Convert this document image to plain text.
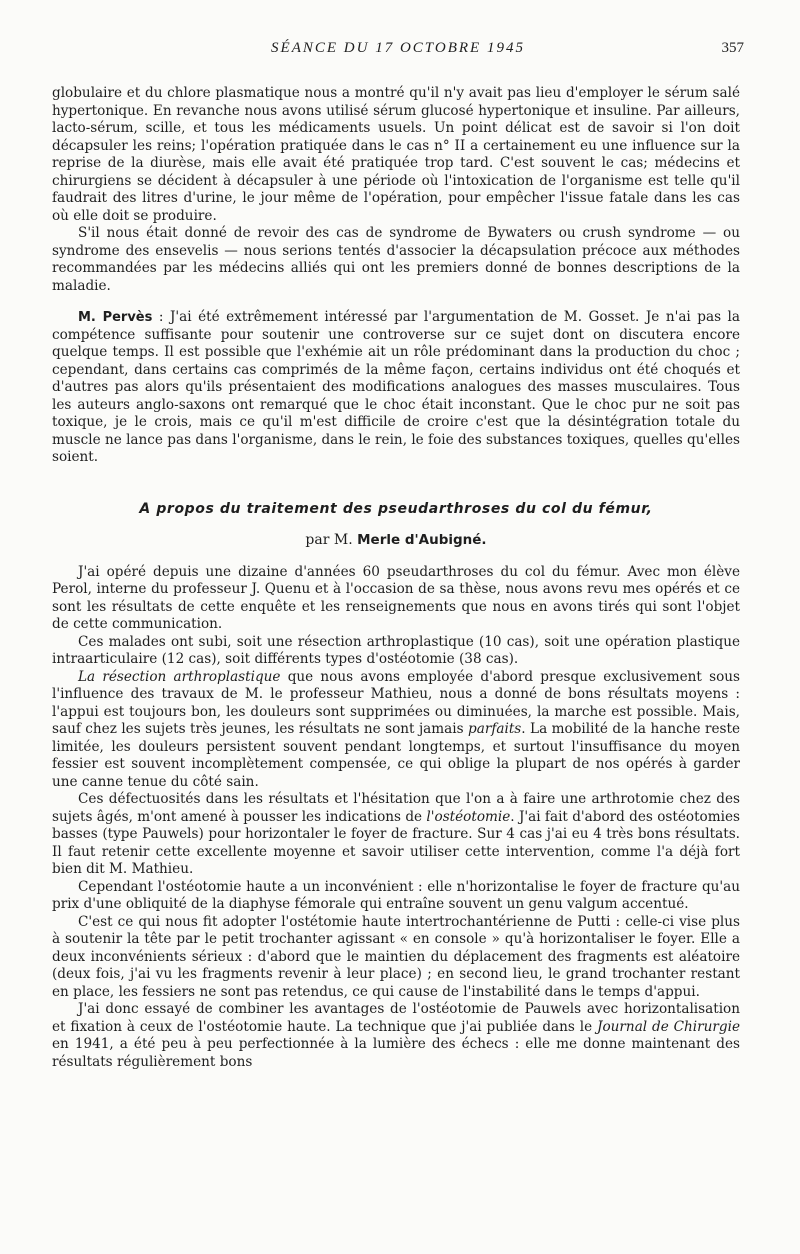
SÉANCE DU 17 OCTOBRE 1945	357

globulaire et du chlore plasmatique nous a montré qu'il n'y avait pas lieu d'employer le sérum salé hypertonique. En revanche nous avons utilisé sérum glucosé hypertonique et insuline. Par ailleurs, lacto-sérum, scille, et tous les médicaments usuels. Un point délicat est de savoir si l'on doit décapsuler les reins; l'opération pratiquée dans le cas n° II a certainement eu une influence sur la reprise de la diurèse, mais elle avait été pratiquée trop tard. C'est souvent le cas; médecins et chirurgiens se décident à décapsuler à une période où l'intoxication de l'organisme est telle qu'il faudrait des litres d'urine, le jour même de l'opération, pour empêcher l'issue fatale dans les cas où elle doit se produire.

S'il nous était donné de revoir des cas de syndrome de Bywaters ou crush syndrome — ou syndrome des ensevelis — nous serions tentés d'associer la décapsulation précoce aux méthodes recommandées par les médecins alliés qui ont les premiers donné de bonnes descriptions de la maladie.

M. Pervès : J'ai été extrêmement intéressé par l'argumentation de M. Gosset. Je n'ai pas la compétence suffisante pour soutenir une controverse sur ce sujet dont on discutera encore quelque temps. Il est possible que l'exhémie ait un rôle prédominant dans la production du choc ; cependant, dans certains cas comprimés de la même façon, certains individus ont été choqués et d'autres pas alors qu'ils présentaient des modifications analogues des masses musculaires. Tous les auteurs anglo-saxons ont remarqué que le choc était inconstant. Que le choc pur ne soit pas toxique, je le crois, mais ce qu'il m'est difficile de croire c'est que la désintégration totale du muscle ne lance pas dans l'organisme, dans le rein, le foie des substances toxiques, quelles qu'elles soient.

A propos du traitement des pseudarthroses du col du fémur,
par M. Merle d'Aubigné.

J'ai opéré depuis une dizaine d'années 60 pseudarthroses du col du fémur. Avec mon élève Perol, interne du professeur J. Quenu et à l'occasion de sa thèse, nous avons revu mes opérés et ce sont les résultats de cette enquête et les renseignements que nous en avons tirés qui sont l'objet de cette communication.

Ces malades ont subi, soit une résection arthroplastique (10 cas), soit une opération plastique intraarticulaire (12 cas), soit différents types d'ostéotomie (38 cas).

La résection arthroplastique que nous avons employée d'abord presque exclusivement sous l'influence des travaux de M. le professeur Mathieu, nous a donné de bons résultats moyens : l'appui est toujours bon, les douleurs sont supprimées ou diminuées, la marche est possible. Mais, sauf chez les sujets très jeunes, les résultats ne sont jamais parfaits. La mobilité de la hanche reste limitée, les douleurs persistent souvent pendant longtemps, et surtout l'insuffisance du moyen fessier est souvent incomplètement compensée, ce qui oblige la plupart de nos opérés à garder une canne tenue du côté sain.

Ces défectuosités dans les résultats et l'hésitation que l'on a à faire une arthrotomie chez des sujets âgés, m'ont amené à pousser les indications de l'ostéotomie. J'ai fait d'abord des ostéotomies basses (type Pauwels) pour horizontaler le foyer de fracture. Sur 4 cas j'ai eu 4 très bons résultats. Il faut retenir cette excellente moyenne et savoir utiliser cette intervention, comme l'a déjà fort bien dit M. Mathieu.

Cependant l'ostéotomie haute a un inconvénient : elle n'horizontalise le foyer de fracture qu'au prix d'une obliquité de la diaphyse fémorale qui entraîne souvent un genu valgum accentué.

C'est ce qui nous fit adopter l'ostétomie haute intertrochantérienne de Putti : celle-ci vise plus à soutenir la tête par le petit trochanter agissant « en console » qu'à horizontaliser le foyer. Elle a deux inconvénients sérieux : d'abord que le maintien du déplacement des fragments est aléatoire (deux fois, j'ai vu les fragments revenir à leur place) ; en second lieu, le grand trochanter restant en place, les fessiers ne sont pas retendus, ce qui cause de l'instabilité dans le temps d'appui.

J'ai donc essayé de combiner les avantages de l'ostéotomie de Pauwels avec horizontalisation et fixation à ceux de l'ostéotomie haute. La technique que j'ai publiée dans le Journal de Chirurgie en 1941, a été peu à peu perfectionnée à la lumière des échecs : elle me donne maintenant des résultats régulièrement bons
